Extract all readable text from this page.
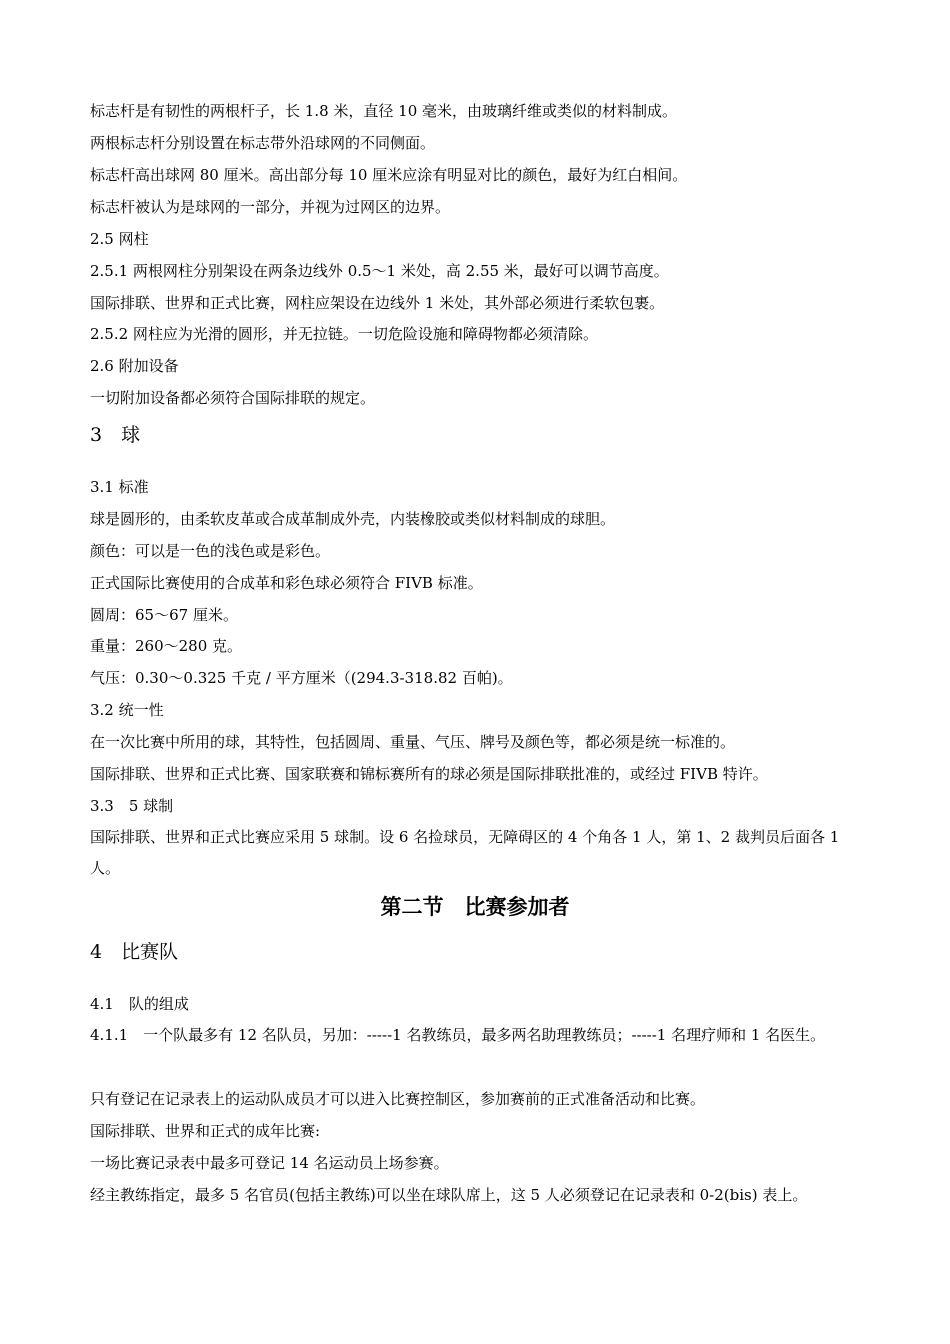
标志杆是有韧性的两根杆子，长 1.8 米，直径 10 毫米，由玻璃纤维或类似的材料制成。
两根标志杆分别设置在标志带外沿球网的不同侧面。
标志杆高出球网 80 厘米。高出部分每 10 厘米应涂有明显对比的颜色，最好为红白相间。
标志杆被认为是球网的一部分，并视为过网区的边界。
2.5 网柱
2.5.1 两根网柱分别架设在两条边线外 0.5～1 米处，高 2.55 米，最好可以调节高度。
国际排联、世界和正式比赛，网柱应架设在边线外 1 米处，其外部必须进行柔软包裹。
2.5.2 网柱应为光滑的圆形，并无拉链。一切危险设施和障碍物都必须清除。
2.6 附加设备
一切附加设备都必须符合国际排联的规定。
3　球
3.1 标准
球是圆形的，由柔软皮革或合成革制成外壳，内装橡胶或类似材料制成的球胆。
颜色：可以是一色的浅色或是彩色。
正式国际比赛使用的合成革和彩色球必须符合 FIVB 标准。
圆周：65～67 厘米。
重量：260～280 克。
气压：0.30～0.325 千克 / 平方厘米（(294.3-318.82 百帕)。
3.2 统一性
在一次比赛中所用的球，其特性，包括圆周、重量、气压、牌号及颜色等，都必须是统一标准的。
国际排联、世界和正式比赛、国家联赛和锦标赛所有的球必须是国际排联批准的，或经过 FIVB 特许。
3.3　5 球制
国际排联、世界和正式比赛应采用 5 球制。设 6 名捡球员，无障碍区的 4 个角各 1 人，第 1、2 裁判员后面各 1 人。
第二节　比赛参加者
4　比赛队
4.1　队的组成
4.1.1　一个队最多有 12 名队员，另加：-----1 名教练员，最多两名助理教练员；-----1 名理疗师和 1 名医生。
只有登记在记录表上的运动队成员才可以进入比赛控制区，参加赛前的正式准备活动和比赛。
国际排联、世界和正式的成年比赛:
一场比赛记录表中最多可登记 14 名运动员上场参赛。
经主教练指定，最多 5 名官员(包括主教练)可以坐在球队席上，这 5 人必须登记在记录表和 0-2(bis) 表上。
